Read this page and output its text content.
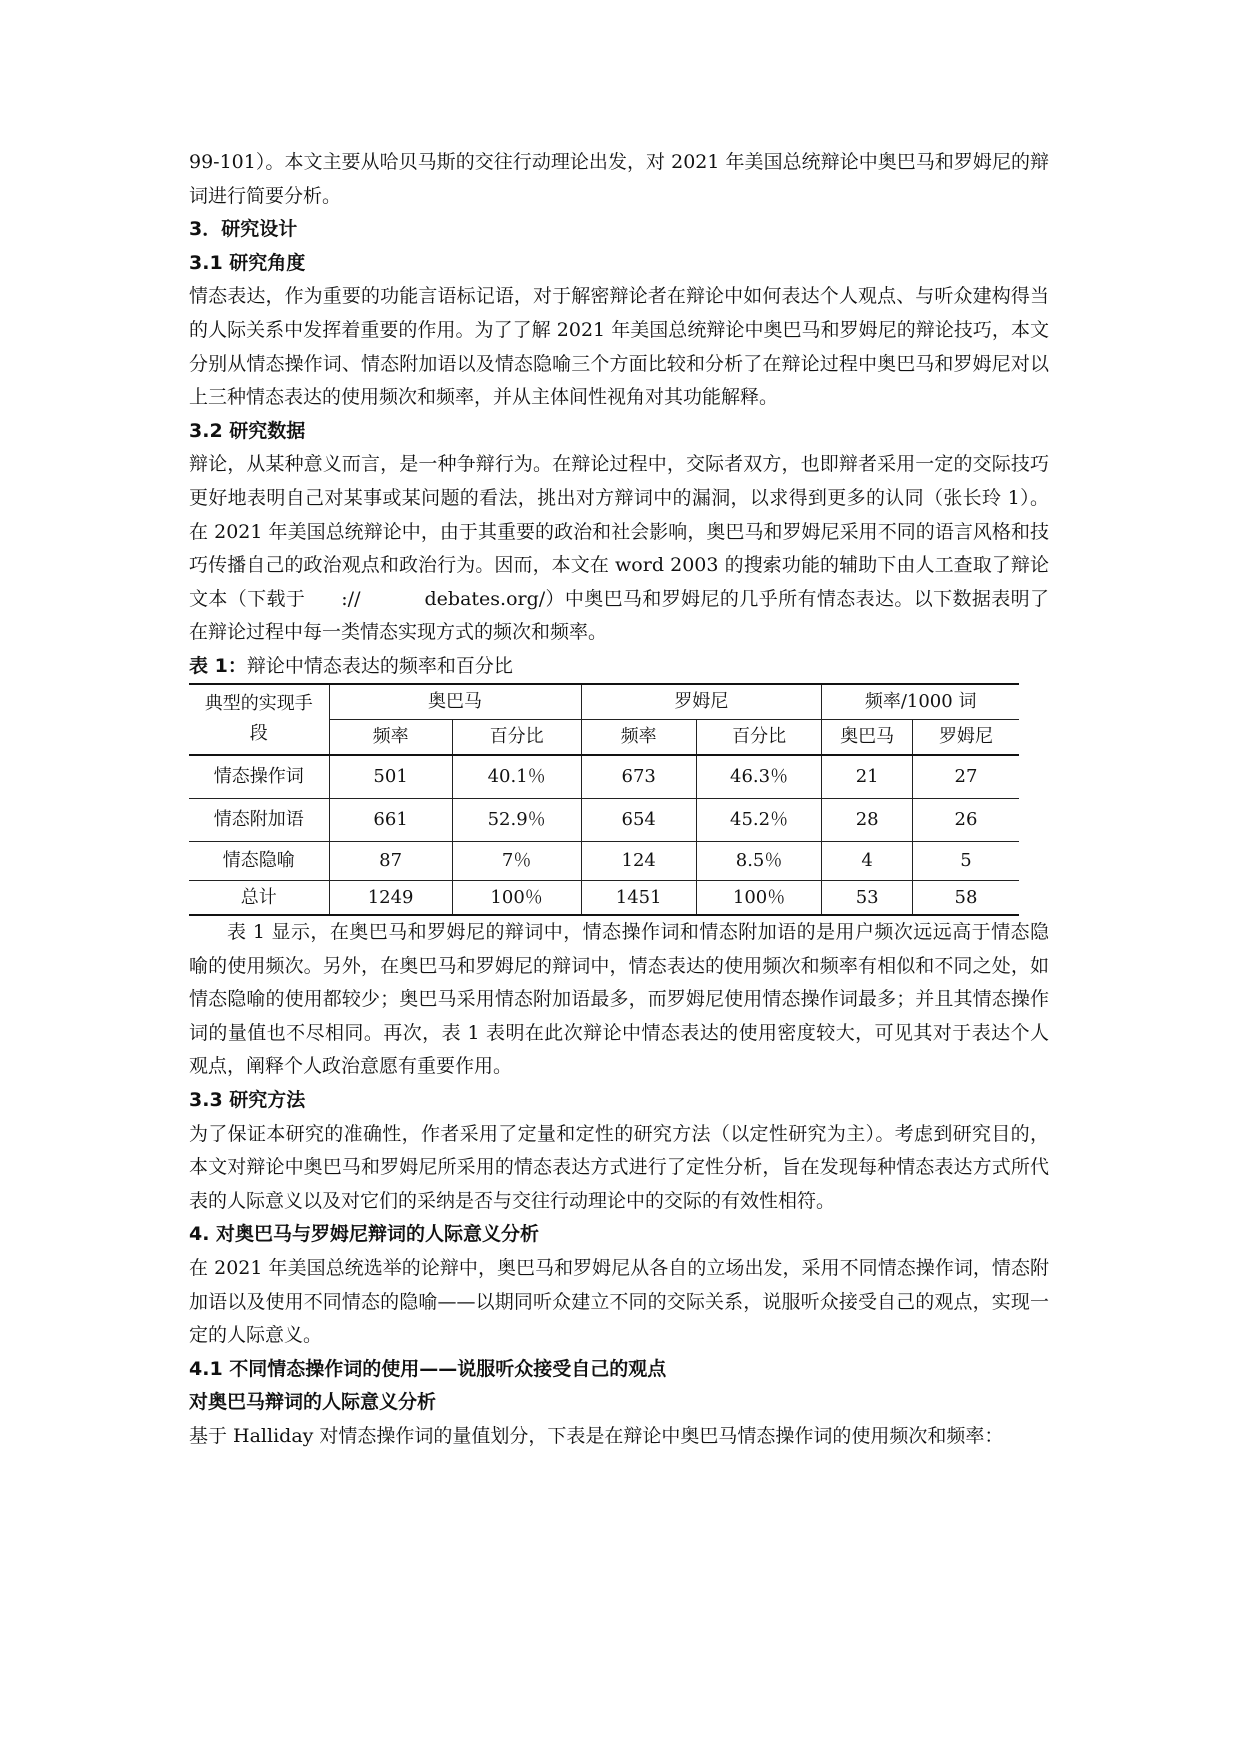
99-101）。本文主要从哈贝马斯的交往行动理论出发，对 2021 年美国总统辩论中奥巴马和罗姆尼的辩词进行简要分析。

3．研究设计
3.1 研究角度

情态表达，作为重要的功能言语标记语，对于解密辩论者在辩论中如何表达个人观点、与听众建构得当的人际关系中发挥着重要的作用。为了了解 2021 年美国总统辩论中奥巴马和罗姆尼的辩论技巧，本文分别从情态操作词、情态附加语以及情态隐喻三个方面比较和分析了在辩论过程中奥巴马和罗姆尼对以上三种情态表达的使用频次和频率，并从主体间性视角对其功能解释。

3.2 研究数据

辩论，从某种意义而言，是一种争辩行为。在辩论过程中，交际者双方，也即辩者采用一定的交际技巧更好地表明自己对某事或某问题的看法，挑出对方辩词中的漏洞，以求得到更多的认同（张长玲 1）。在 2021 年美国总统辩论中，由于其重要的政治和社会影响，奥巴马和罗姆尼采用不同的语言风格和技巧传播自己的政治观点和政治行为。因而，本文在 word 2003 的搜索功能的辅助下由人工查取了辩论文本（下载于 ://	debates.org/）中奥巴马和罗姆尼的几乎所有情态表达。以下数据表明了在辩论过程中每一类情态实现方式的频次和频率。

表 1：辩论中情态表达的频率和百分比

典型的实现手段	奥巴马		罗姆尼		频率/1000 词	
	频率	百分比	频率	百分比	奥巴马	罗姆尼
情态操作词	501	40.1％	673	46.3％	21	27
情态附加语	661	52.9％	654	45.2％	28	26
情态隐喻	87	7％	124	8.5％	4	5
总计	1249	100％	1451	100％	53	58

表 1 显示，在奥巴马和罗姆尼的辩词中，情态操作词和情态附加语的是用户频次远远高于情态隐喻的使用频次。另外，在奥巴马和罗姆尼的辩词中，情态表达的使用频次和频率有相似和不同之处，如情态隐喻的使用都较少；奥巴马采用情态附加语最多，而罗姆尼使用情态操作词最多；并且其情态操作词的量值也不尽相同。再次，表 1 表明在此次辩论中情态表达的使用密度较大，可见其对于表达个人观点，阐释个人政治意愿有重要作用。

3.3 研究方法

为了保证本研究的准确性，作者采用了定量和定性的研究方法（以定性研究为主）。考虑到研究目的，本文对辩论中奥巴马和罗姆尼所采用的情态表达方式进行了定性分析，旨在发现每种情态表达方式所代表的人际意义以及对它们的采纳是否与交往行动理论中的交际的有效性相符。

4. 对奥巴马与罗姆尼辩词的人际意义分析

在 2021 年美国总统选举的论辩中，奥巴马和罗姆尼从各自的立场出发，采用不同情态操作词，情态附加语以及使用不同情态的隐喻——以期同听众建立不同的交际关系，说服听众接受自己的观点，实现一定的人际意义。

4.1 不同情态操作词的使用——说服听众接受自己的观点
对奥巴马辩词的人际意义分析

基于 Halliday 对情态操作词的量值划分，下表是在辩论中奥巴马情态操作词的使用频次和频率：
